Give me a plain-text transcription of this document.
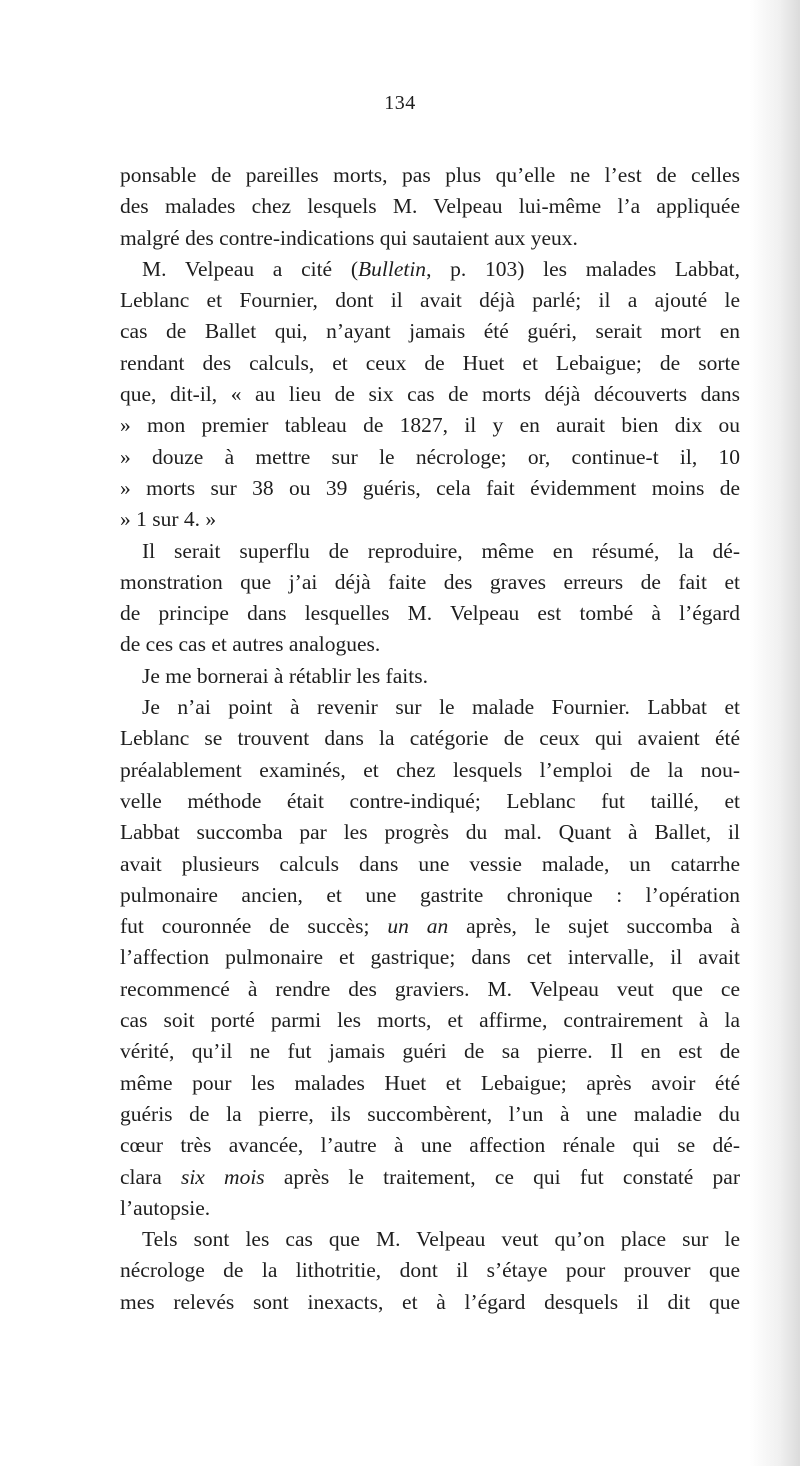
134
ponsable de pareilles morts, pas plus qu’elle ne l’est de celles
des malades chez lesquels M. Velpeau lui-même l’a appliquée
malgré des contre-indications qui sautaient aux yeux.
M. Velpeau a cité (Bulletin, p. 103) les malades Labbat,
Leblanc et Fournier, dont il avait déjà parlé; il a ajouté le
cas de Ballet qui, n’ayant jamais été guéri, serait mort en
rendant des calculs, et ceux de Huet et Lebaigue; de sorte
que, dit-il, « au lieu de six cas de morts déjà découverts dans
» mon premier tableau de 1827, il y en aurait bien dix ou
» douze à mettre sur le nécrologe; or, continue-t il, 10
» morts sur 38 ou 39 guéris, cela fait évidemment moins de
» 1 sur 4. »
Il serait superflu de reproduire, même en résumé, la dé-
monstration que j’ai déjà faite des graves erreurs de fait et
de principe dans lesquelles M. Velpeau est tombé à l’égard
de ces cas et autres analogues.
Je me bornerai à rétablir les faits.
Je n’ai point à revenir sur le malade Fournier. Labbat et
Leblanc se trouvent dans la catégorie de ceux qui avaient été
préalablement examinés, et chez lesquels l’emploi de la nou-
velle méthode était contre-indiqué; Leblanc fut taillé, et
Labbat succomba par les progrès du mal. Quant à Ballet, il
avait plusieurs calculs dans une vessie malade, un catarrhe
pulmonaire ancien, et une gastrite chronique : l’opération
fut couronnée de succès; un an après, le sujet succomba à
l’affection pulmonaire et gastrique; dans cet intervalle, il avait
recommencé à rendre des graviers. M. Velpeau veut que ce
cas soit porté parmi les morts, et affirme, contrairement à la
vérité, qu’il ne fut jamais guéri de sa pierre. Il en est de
même pour les malades Huet et Lebaigue; après avoir été
guéris de la pierre, ils succombèrent, l’un à une maladie du
cœur très avancée, l’autre à une affection rénale qui se dé-
clara six mois après le traitement, ce qui fut constaté par
l’autopsie.
Tels sont les cas que M. Velpeau veut qu’on place sur le
nécrologe de la lithotritie, dont il s’étaye pour prouver que
mes relevés sont inexacts, et à l’égard desquels il dit que
